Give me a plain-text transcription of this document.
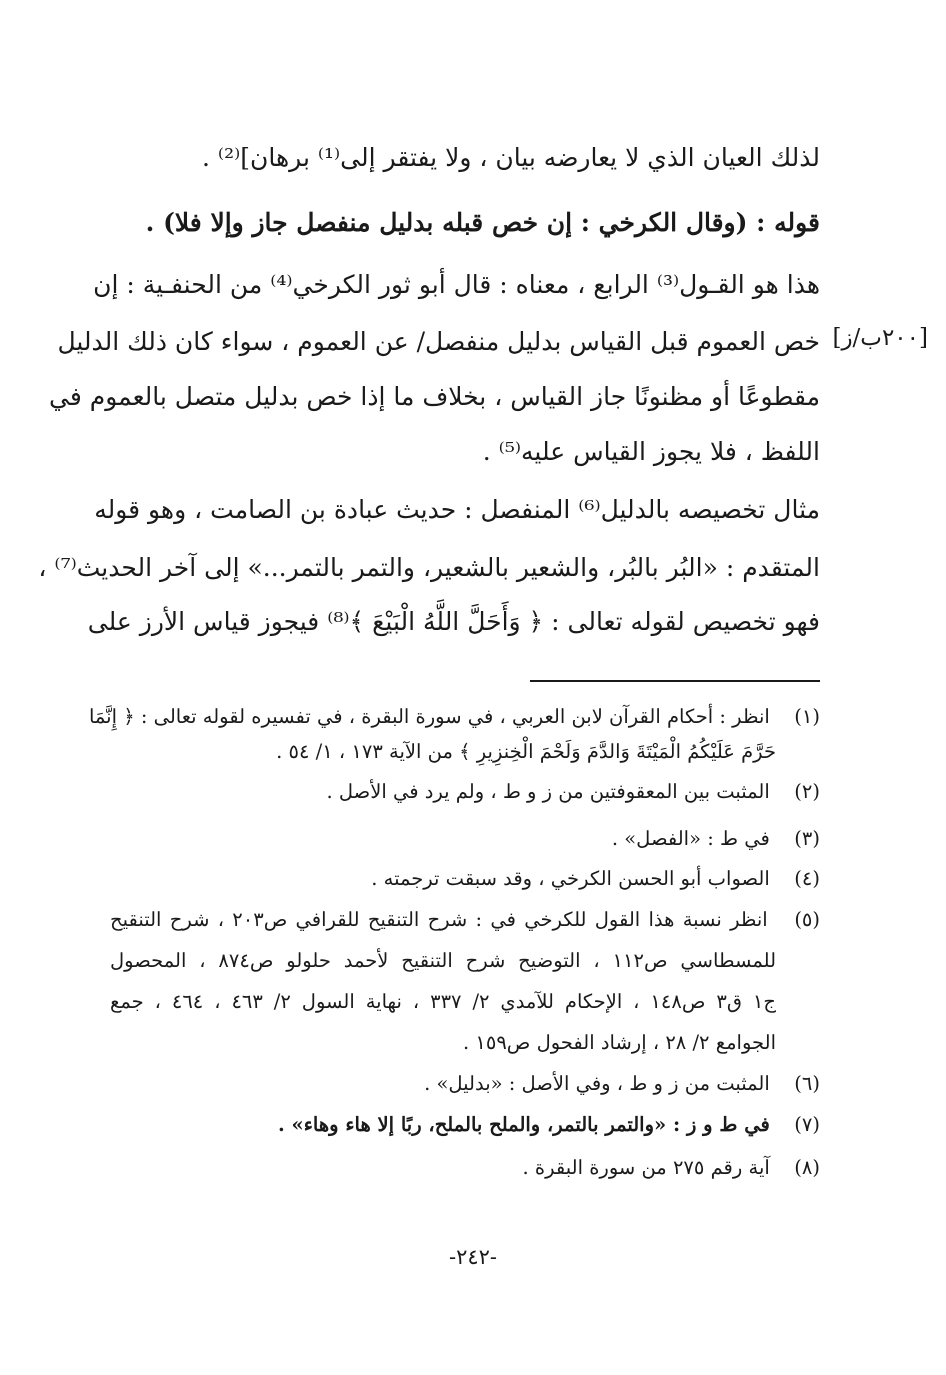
لذلك العيان الذي لا يعارضه بيان ، ولا يفتقر إلى⁽¹⁾ برهان]⁽²⁾ .
قوله : (وقال الكرخي : إن خص قبله بدليل منفصل جاز وإلا فلا) .
هذا هو القـول⁽³⁾ الرابع ، معناه : قال أبو ثور الكرخي⁽⁴⁾ من الحنفـية : إن
[٢٠٠ب/ز]
خص العموم قبل القياس بدليل منفصل/ عن العموم ، سواء كان ذلك الدليل
مقطوعًا أو مظنونًا جاز القياس ، بخلاف ما إذا خص بدليل متصل بالعموم في
اللفظ ، فلا يجوز القياس عليه⁽⁵⁾ .
مثال تخصيصه بالدليل⁽⁶⁾ المنفصل : حديث عبادة بن الصامت ، وهو قوله
المتقدم : «البُر بالبُر، والشعير بالشعير، والتمر بالتمر...» إلى آخر الحديث⁽⁷⁾ ،
فهو تخصيص لقوله تعالى : ﴿ وَأَحَلَّ اللَّهُ الْبَيْعَ ﴾⁽⁸⁾ فيجوز قياس الأرز على
(١) انظر : أحكام القرآن لابن العربي ، في سورة البقرة ، في تفسيره لقوله تعالى : ﴿ إِنَّمَا
حَرَّمَ عَلَيْكُمُ الْمَيْتَةَ وَالدَّمَ وَلَحْمَ الْخِنزِيرِ ﴾ من الآية ١٧٣ ، ١/ ٥٤ .
(٢) المثبت بين المعقوفتين من ز و ط ، ولم يرد في الأصل .
(٣) في ط : «الفصل» .
(٤) الصواب أبو الحسن الكرخي ، وقد سبقت ترجمته .
(٥) انظر نسبة هذا القول للكرخي في : شرح التنقيح للقرافي ص٢٠٣ ، شرح التنقيح
للمسطاسي ص١١٢ ، التوضيح شرح التنقيح لأحمد حلولو ص٨٧٤ ، المحصول
ج١ ق٣ ص١٤٨ ، الإحكام للآمدي ٢/ ٣٣٧ ، نهاية السول ٢/ ٤٦٣ ، ٤٦٤ ، جمع
الجوامع ٢/ ٢٨ ، إرشاد الفحول ص١٥٩ .
(٦) المثبت من ز و ط ، وفي الأصل : «بدليل» .
(٧) في ط و ز : «والتمر بالتمر، والملح بالملح، ربًا إلا هاء وهاء» .
(٨) آية رقم ٢٧٥ من سورة البقرة .
-٢٤٢-
